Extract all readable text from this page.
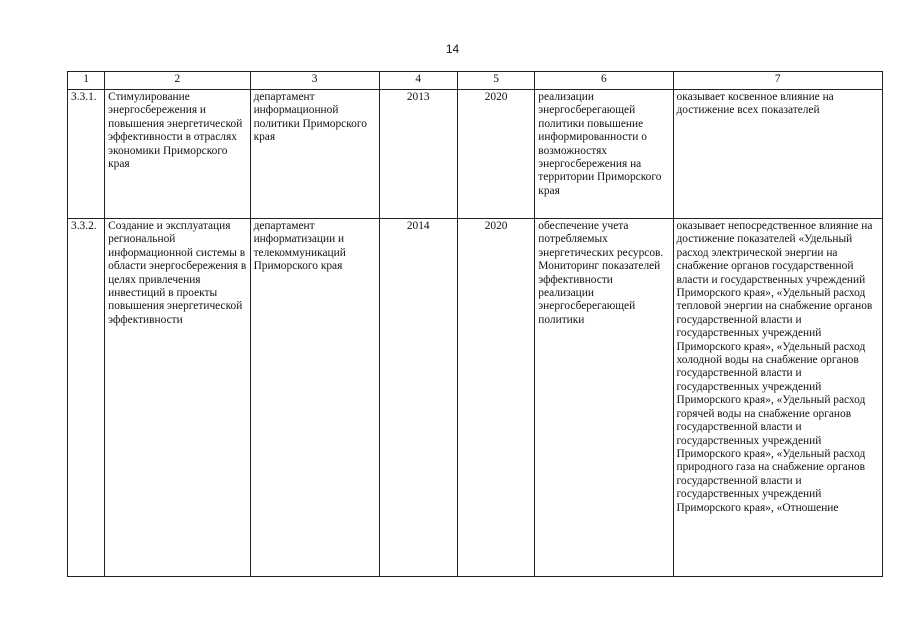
14
1	2	3	4	5	6	7
3.3.1.	Стимулирование энергосбережения и повышения энергетической эффективности в отраслях экономики Приморского края	департамент информационной политики Приморского края	2013	2020	реализации энергосберегающей политики повышение информированности о возможностях энергосбережения на территории Приморского края	оказывает косвенное влияние на достижение всех показателей
3.3.2.	Создание и эксплуатация региональной информационной системы в области энергосбережения в целях привлечения инвестиций в проекты повышения энергетической эффективности	департамент информатизации и телекоммуникаций Приморского края	2014	2020	обеспечение учета потребляемых энергетических ресурсов. Мониторинг показателей эффективности реализации энергосберегающей политики	оказывает непосредственное влияние на достижение показателей «Удельный расход электрической энергии на снабжение органов государственной власти и государственных учреждений Приморского края», «Удельный расход тепловой энергии на снабжение органов государственной власти и государственных учреждений Приморского края», «Удельный расход холодной воды на снабжение органов государственной власти и государственных учреждений Приморского края», «Удельный расход горячей воды на снабжение органов государственной власти и государственных учреждений Приморского края», «Удельный расход природного газа на снабжение органов государственной власти и государственных учреждений Приморского края», «Отношение
